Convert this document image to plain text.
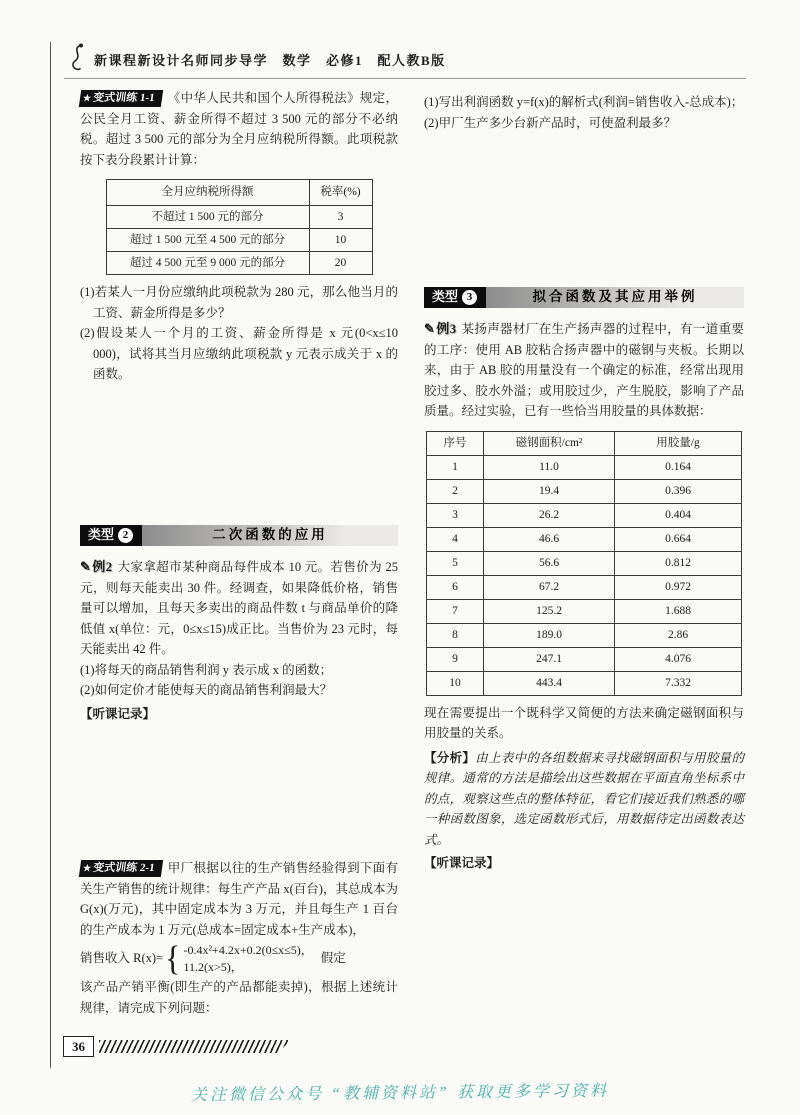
新课程新设计名师同步导学　数学　必修1　配人教B版

★变式训练 1-1 《中华人民共和国个人所得税法》规定，公民全月工资、薪金所得不超过 3 500 元的部分不必纳税。超过 3 500 元的部分为全月应纳税所得额。此项税款按下表分段累计计算：

全月应纳税所得额	税率(%)
不超过 1 500 元的部分	3
超过 1 500 元至 4 500 元的部分	10
超过 4 500 元至 9 000 元的部分	20

(1)若某人一月份应缴纳此项税款为 280 元，那么他当月的工资、薪金所得是多少？

(2)假设某人一个月的工资、薪金所得是 x 元(0<x≤10 000)，试将其当月应缴纳此项税款 y 元表示成关于 x 的函数。

类型 2	二次函数的应用

✎例2 大家拿超市某种商品每件成本 10 元。若售价为 25 元，则每天能卖出 30 件。经调查，如果降低价格，销售量可以增加，且每天多卖出的商品件数 t 与商品单价的降低值 x(单位：元，0≤x≤15)成正比。当售价为 23 元时，每天能卖出 42 件。

(1)将每天的商品销售利润 y 表示成 x 的函数；

(2)如何定价才能使每天的商品销售利润最大？

【听课记录】

★变式训练 2-1 甲厂根据以往的生产销售经验得到下面有关生产销售的统计规律：每生产产品 x(百台)，其总成本为 G(x)(万元)，其中固定成本为 3 万元，并且每生产 1 百台的生产成本为 1 万元(总成本=固定成本+生产成本)，

销售收入 R(x)= { -0.4x²+4.2x+0.2(0≤x≤5)，
11.2(x>5)，
假定

该产品产销平衡(即生产的产品都能卖掉)，根据上述统计规律，请完成下列问题：

(1)写出利润函数 y=f(x)的解析式(利润=销售收入-总成本)；

(2)甲厂生产多少台新产品时，可使盈利最多？

类型 3	拟合函数及其应用举例

✎例3 某扬声器材厂在生产扬声器的过程中，有一道重要的工序：使用 AB 胶粘合扬声器中的磁钢与夹板。长期以来，由于 AB 胶的用量没有一个确定的标准，经常出现用胶过多、胶水外溢；或用胶过少，产生脱胶，影响了产品质量。经过实验，已有一些恰当用胶量的具体数据：

序号	磁钢面积/cm²	用胶量/g
1	11.0	0.164
2	19.4	0.396
3	26.2	0.404
4	46.6	0.664
5	56.6	0.812
6	67.2	0.972
7	125.2	1.688
8	189.0	2.86
9	247.1	4.076
10	443.4	7.332

现在需要提出一个既科学又简便的方法来确定磁钢面积与用胶量的关系。

【分析】由上表中的各组数据来寻找磁钢面积与用胶量的规律。通常的方法是描绘出这些数据在平面直角坐标系中的点，观察这些点的整体特征，看它们接近我们熟悉的哪一种函数图象，选定函数形式后，用数据待定出函数表达式。

【听课记录】

36
关注微信公众号 “教辅资料站” 获取更多学习资料
